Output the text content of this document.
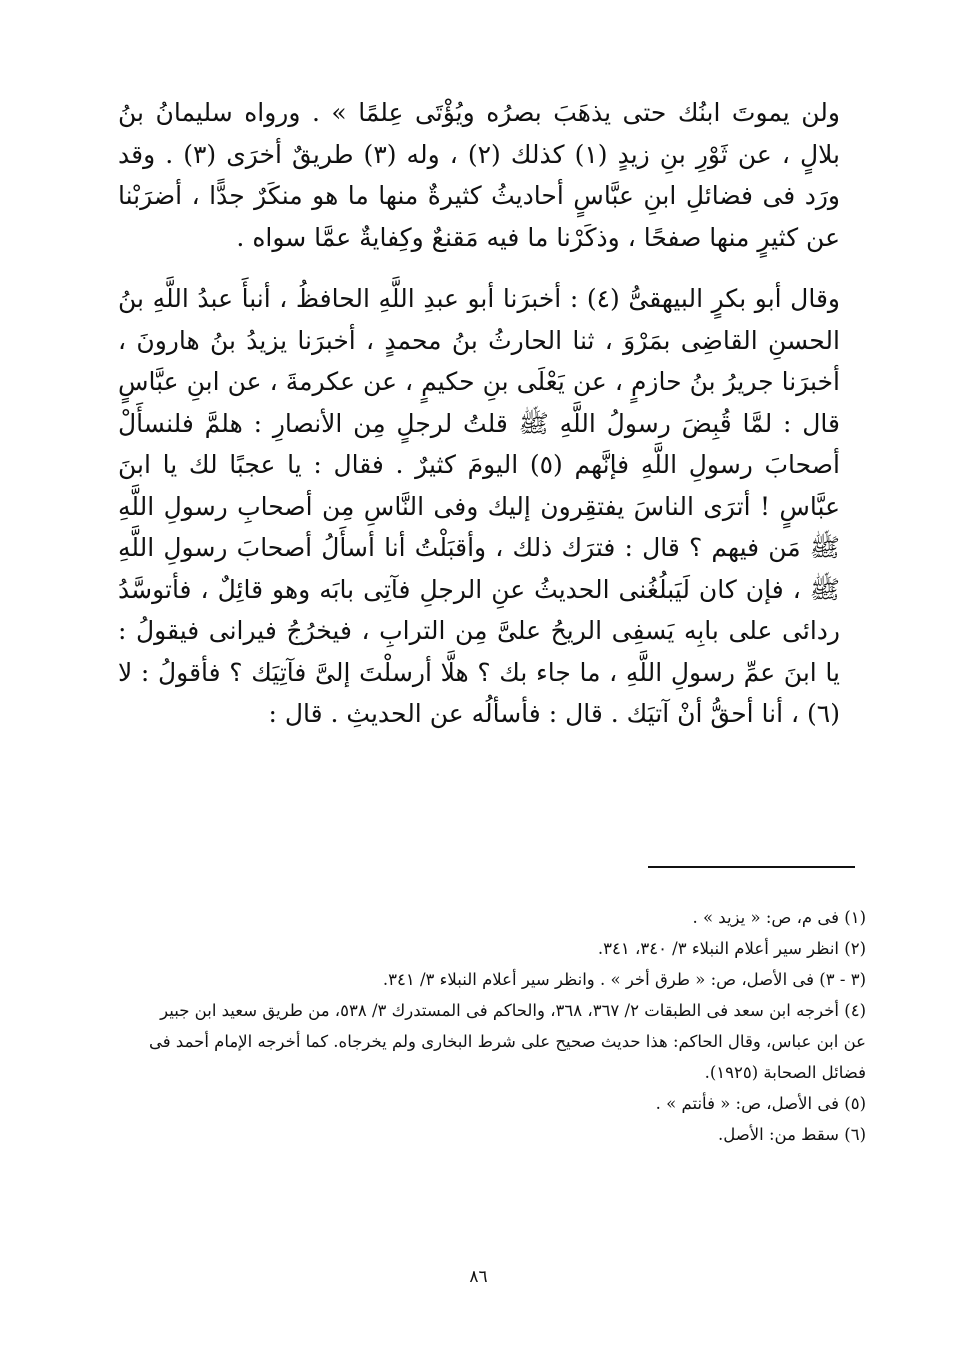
ولن يموتَ ابنُك حتى يذهَبَ بصرُه ويُؤْتَى عِلمًا » . ورواه سليمانُ بنُ بلالٍ ، عن ثَوْرِ بنِ زيدٍ (١) كذلك (٢) ، وله (٣) طريقٌ أخرَى (٣) . وقد ورَد فى فضائلِ ابنِ عبَّاسٍ أحاديثُ كثيرةٌ منها ما هو منكَرٌ جدًّا ، أضرَبْنا عن كثيرٍ منها صفحًا ، وذكَرْنا ما فيه مَقنعٌ وكِفايةٌ عمَّا سواه .

وقال أبو بكرٍ البيهقىُّ (٤) : أخبرَنا أبو عبدِ اللَّهِ الحافظُ ، أنبأَ عبدُ اللَّهِ بنُ الحسنِ القاضِى بمَرْوَ ، ثنا الحارثُ بنُ محمدٍ ، أخبرَنا يزيدُ بنُ هارونَ ، أخبرَنا جريرُ بنُ حازمٍ ، عن يَعْلَى بنِ حكيمٍ ، عن عكرمةَ ، عن ابنِ عبَّاسٍ قال : لمَّا قُبِضَ رسولُ اللَّهِ ﷺ قلتُ لرجلٍ مِن الأنصارِ : هلمَّ فلنسأَلْ أصحابَ رسولِ اللَّهِ فإنَّهم (٥) اليومَ كثيرٌ . فقال : يا عجبًا لك يا ابنَ عبَّاسٍ ! أترَى الناسَ يفتقِرون إليك وفى النَّاسِ مِن أصحابِ رسولِ اللَّهِ ﷺ مَن فيهم ؟ قال : فترَك ذلك ، وأقبَلْتُ أنا أسأَلُ أصحابَ رسولِ اللَّهِ ﷺ ، فإن كان لَيَبلُغُنى الحديثُ عنِ الرجلِ فآتِى بابَه وهو قائِلٌ ، فأتوسَّدُ ردائى على بابِه يَسفِى الريحُ علىَّ مِن الترابِ ، فيخرُجُ فيرانى فيقولُ : يا ابنَ عمِّ رسولِ اللَّهِ ، ما جاء بك ؟ هلَّا أرسلْتَ إلىَّ فآتِيَك ؟ فأقولُ : لا (٦) ، أنا أحقُّ أنْ آتيَك . قال : فأسألُه عن الحديثِ . قال :

(١) فى م، ص: « يزيد » .

(٢) انظر سير أعلام النبلاء ٣/ ٣٤٠، ٣٤١.

(٣ - ٣) فى الأصل، ص: « طرق أخر » . وانظر سير أعلام النبلاء ٣/ ٣٤١.

(٤) أخرجه ابن سعد فى الطبقات ٢/ ٣٦٧، ٣٦٨، والحاكم فى المستدرك ٣/ ٥٣٨، من طريق سعيد ابن جبير عن ابن عباس، وقال الحاكم: هذا حديث صحيح على شرط البخارى ولم يخرجاه. كما أخرجه الإمام أحمد فى فضائل الصحابة (١٩٢٥).

(٥) فى الأصل، ص: « فأنتم » .

(٦) سقط من: الأصل.

٨٦
